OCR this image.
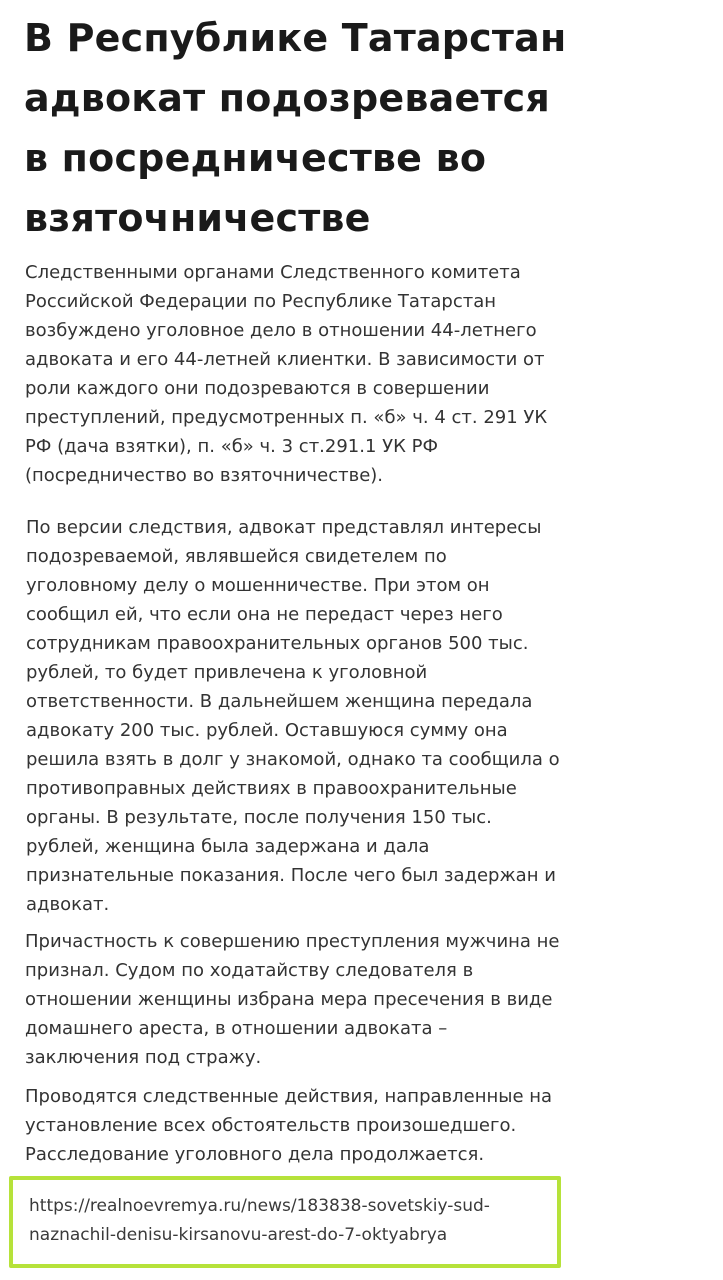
В Республике Татарстан
адвокат подозревается
в посредничестве во
взяточничестве

Следственными органами Следственного комитета
Российской Федерации по Республике Татарстан
возбуждено уголовное дело в отношении 44-летнего
адвоката и его 44-летней клиентки. В зависимости от
роли каждого они подозреваются в совершении
преступлений, предусмотренных п. «б» ч. 4 ст. 291 УК
РФ (дача взятки), п. «б» ч. 3 ст.291.1 УК РФ
(посредничество во взяточничестве).

По версии следствия, адвокат представлял интересы
подозреваемой, являвшейся свидетелем по
уголовному делу о мошенничестве. При этом он
сообщил ей, что если она не передаст через него
сотрудникам правоохранительных органов 500 тыс.
рублей, то будет привлечена к уголовной
ответственности. В дальнейшем женщина передала
адвокату 200 тыс. рублей. Оставшуюся сумму она
решила взять в долг у знакомой, однако та сообщила о
противоправных действиях в правоохранительные
органы. В результате, после получения 150 тыс.
рублей, женщина была задержана и дала
признательные показания. После чего был задержан и
адвокат.

Причастность к совершению преступления мужчина не
признал. Судом по ходатайству следователя в
отношении женщины избрана мера пресечения в виде
домашнего ареста, в отношении адвоката –
заключения под стражу.

Проводятся следственные действия, направленные на
установление всех обстоятельств произошедшего.
Расследование уголовного дела продолжается.

https://realnoevremya.ru/news/183838-sovetskiy-sud-
naznachil-denisu-kirsanovu-arest-do-7-oktyabrya
